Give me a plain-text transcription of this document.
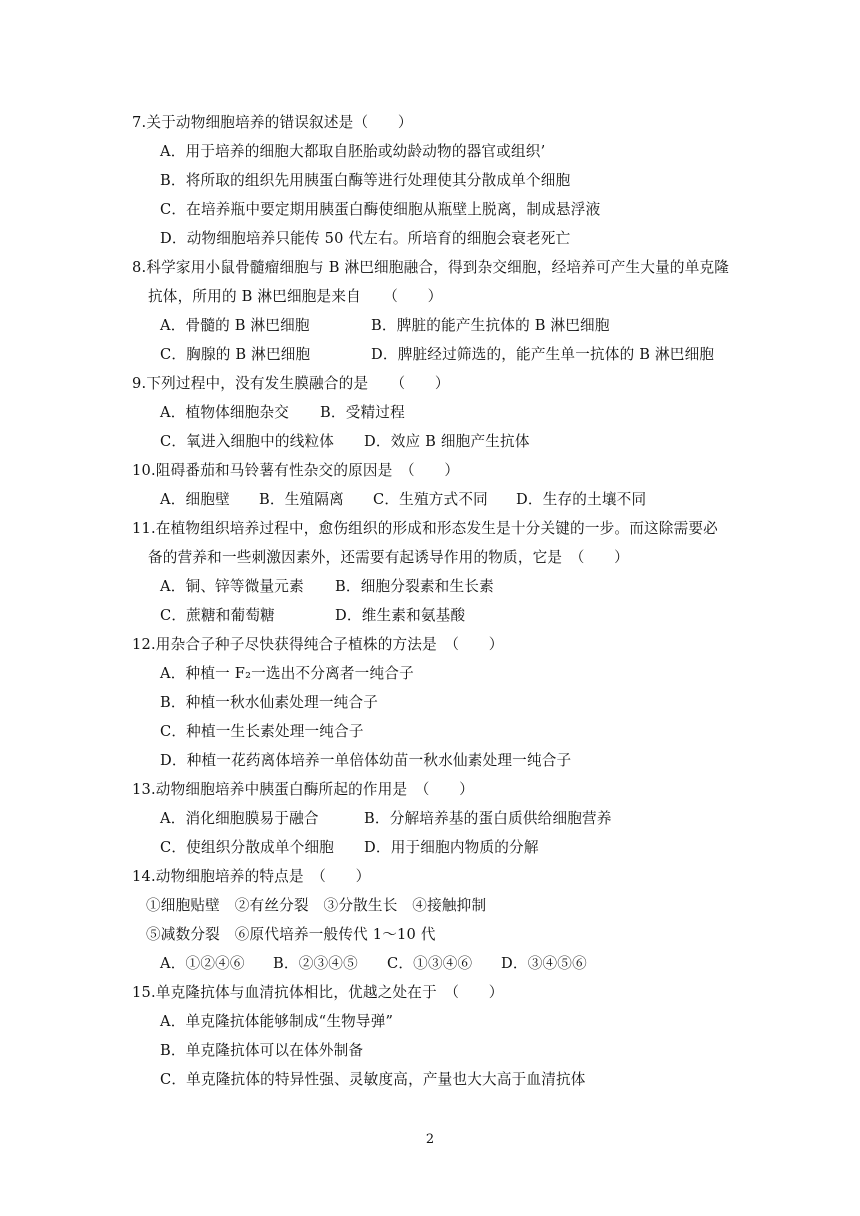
7.关于动物细胞培养的错误叙述是（　　）
A．用于培养的细胞大都取自胚胎或幼龄动物的器官或组织’
B．将所取的组织先用胰蛋白酶等进行处理使其分散成单个细胞
C．在培养瓶中要定期用胰蛋白酶使细胞从瓶壁上脱离，制成悬浮液
D．动物细胞培养只能传 50 代左右。所培育的细胞会衰老死亡
8.科学家用小鼠骨髓瘤细胞与 B 淋巴细胞融合，得到杂交细胞，经培养可产生大量的单克隆
抗体，所用的 B 淋巴细胞是来自　　（　　）
A．骨髓的 B 淋巴细胞	B．脾脏的能产生抗体的 B 淋巴细胞
C．胸腺的 B 淋巴细胞	D．脾脏经过筛选的，能产生单一抗体的 B 淋巴细胞
9.下列过程中，没有发生膜融合的是　　（　　）
A．植物体细胞杂交 B．受精过程
C．氧进入细胞中的线粒体 D．效应 B 细胞产生抗体
10.阻碍番茄和马铃薯有性杂交的原因是　（　　）
A．细胞壁 B．生殖隔离 C．生殖方式不同 D．生存的土壤不同
11.在植物组织培养过程中，愈伤组织的形成和形态发生是十分关键的一步。而这除需要必
备的营养和一些刺激因素外，还需要有起诱导作用的物质，它是　（　　）
A．铜、锌等微量元素 B．细胞分裂素和生长素
C．蔗糖和葡萄糖	D．维生素和氨基酸
12.用杂合子种子尽快获得纯合子植株的方法是　（　　）
A．种植一 F₂一选出不分离者一纯合子
B．种植一秋水仙素处理一纯合子
C．种植一生长素处理一纯合子
D．种植一花药离体培养一单倍体幼苗一秋水仙素处理一纯合子
13.动物细胞培养中胰蛋白酶所起的作用是　（　　）
A．消化细胞膜易于融合	B．分解培养基的蛋白质供给细胞营养
C．使组织分散成单个细胞 D．用于细胞内物质的分解
14.动物细胞培养的特点是　（　　）
①细胞贴壁　②有丝分裂　③分散生长　④接触抑制
⑤减数分裂　⑥原代培养一般传代 1～10 代
A．①②④⑥ B．②③④⑤ C．①③④⑥ D．③④⑤⑥
15.单克隆抗体与血清抗体相比，优越之处在于　（　　）
A．单克隆抗体能够制成“生物导弹”
B．单克隆抗体可以在体外制备
C．单克隆抗体的特异性强、灵敏度高，产量也大大高于血清抗体
2
